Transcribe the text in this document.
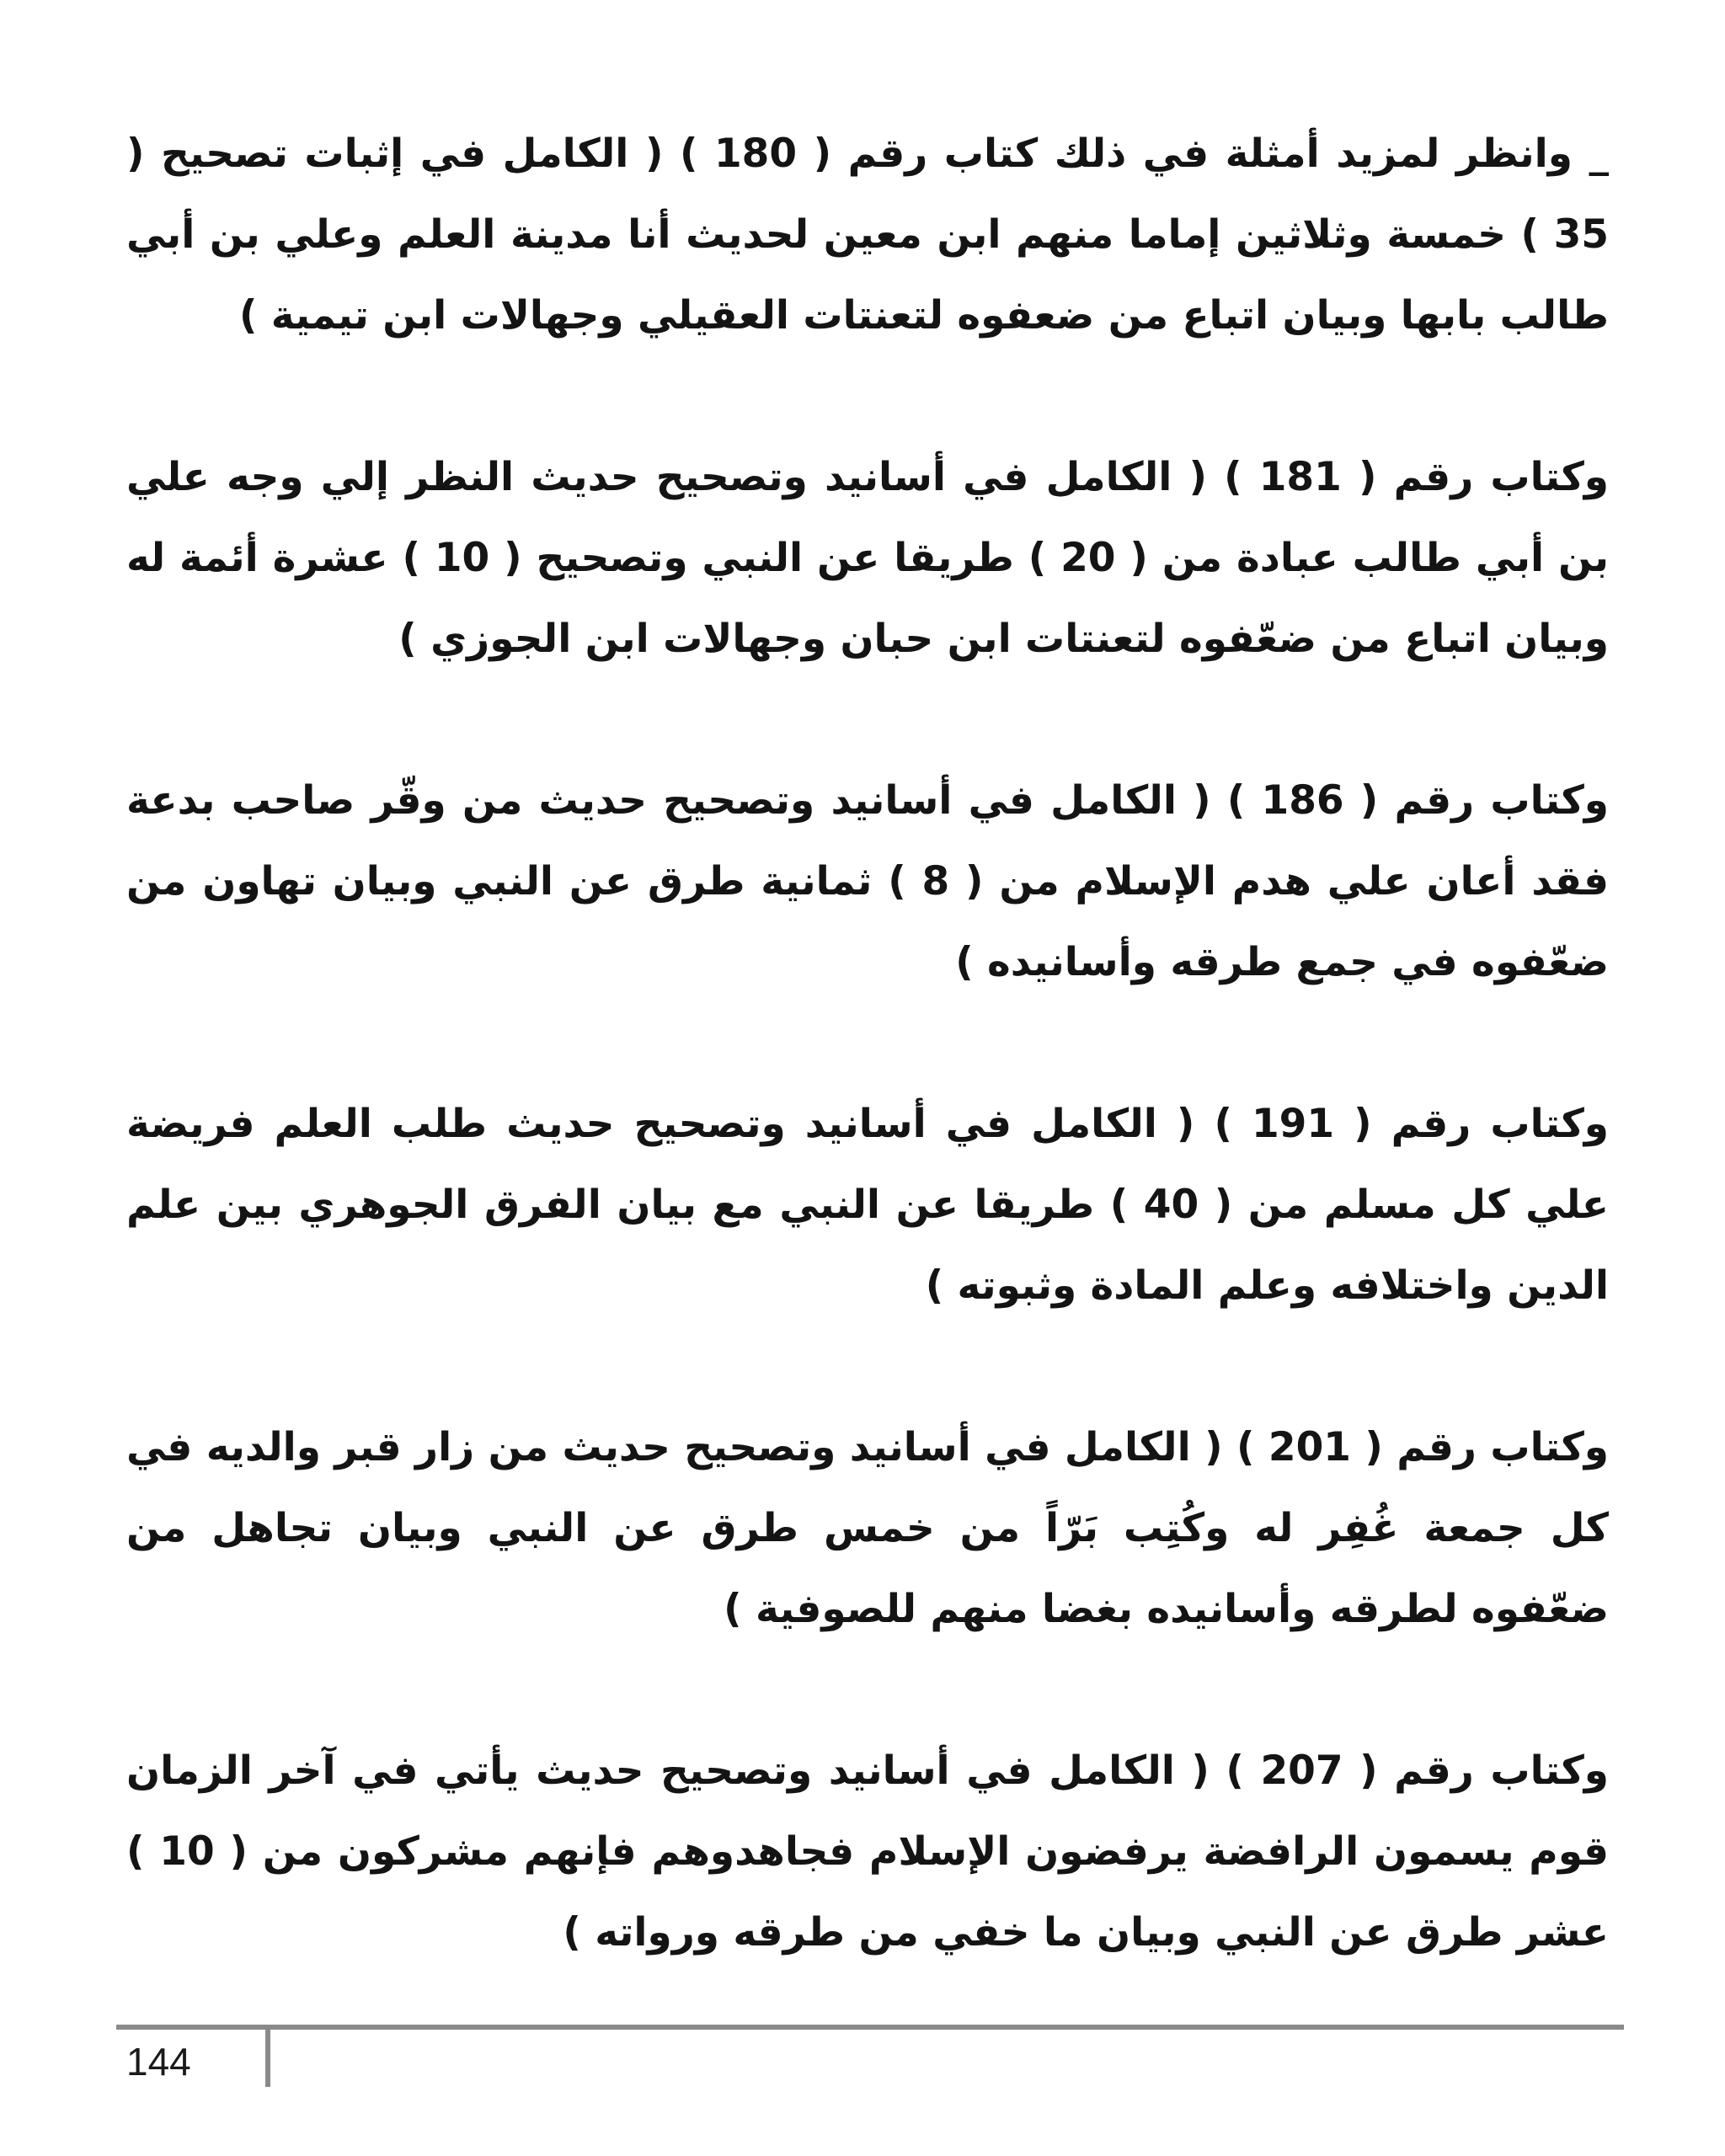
_ وانظر لمزيد أمثلة في ذلك كتاب رقم ( 180 ) ( الكامل في إثبات تصحيح ( 35 ) خمسة وثلاثين إماما منهم ابن معين لحديث أنا مدينة العلم وعلي بن أبي طالب بابها وبيان اتباع من ضعفوه لتعنتات العقيلي وجهالات ابن تيمية )

وكتاب رقم ( 181 ) ( الكامل في أسانيد وتصحيح حديث النظر إلي وجه علي بن أبي طالب عبادة من ( 20 ) طريقا عن النبي وتصحيح ( 10 ) عشرة أئمة له وبيان اتباع من ضعّفوه لتعنتات ابن حبان وجهالات ابن الجوزي )

وكتاب رقم ( 186 ) ( الكامل في أسانيد وتصحيح حديث من وقّر صاحب بدعة فقد أعان علي هدم الإسلام من ( 8 ) ثمانية طرق عن النبي وبيان تهاون من ضعّفوه في جمع طرقه وأسانيده )

وكتاب رقم ( 191 ) ( الكامل في أسانيد وتصحيح حديث طلب العلم فريضة علي كل مسلم من ( 40 ) طريقا عن النبي مع بيان الفرق الجوهري بين علم الدين واختلافه وعلم المادة وثبوته )

وكتاب رقم ( 201 ) ( الكامل في أسانيد وتصحيح حديث من زار قبر والديه في كل جمعة غُفِر له وكُتِب بَرّاً من خمس طرق عن النبي وبيان تجاهل من ضعّفوه لطرقه وأسانيده بغضا منهم للصوفية )

وكتاب رقم ( 207 ) ( الكامل في أسانيد وتصحيح حديث يأتي في آخر الزمان قوم يسمون الرافضة يرفضون الإسلام فجاهدوهم فإنهم مشركون من ( 10 ) عشر طرق عن النبي وبيان ما خفي من طرقه ورواته )

144
